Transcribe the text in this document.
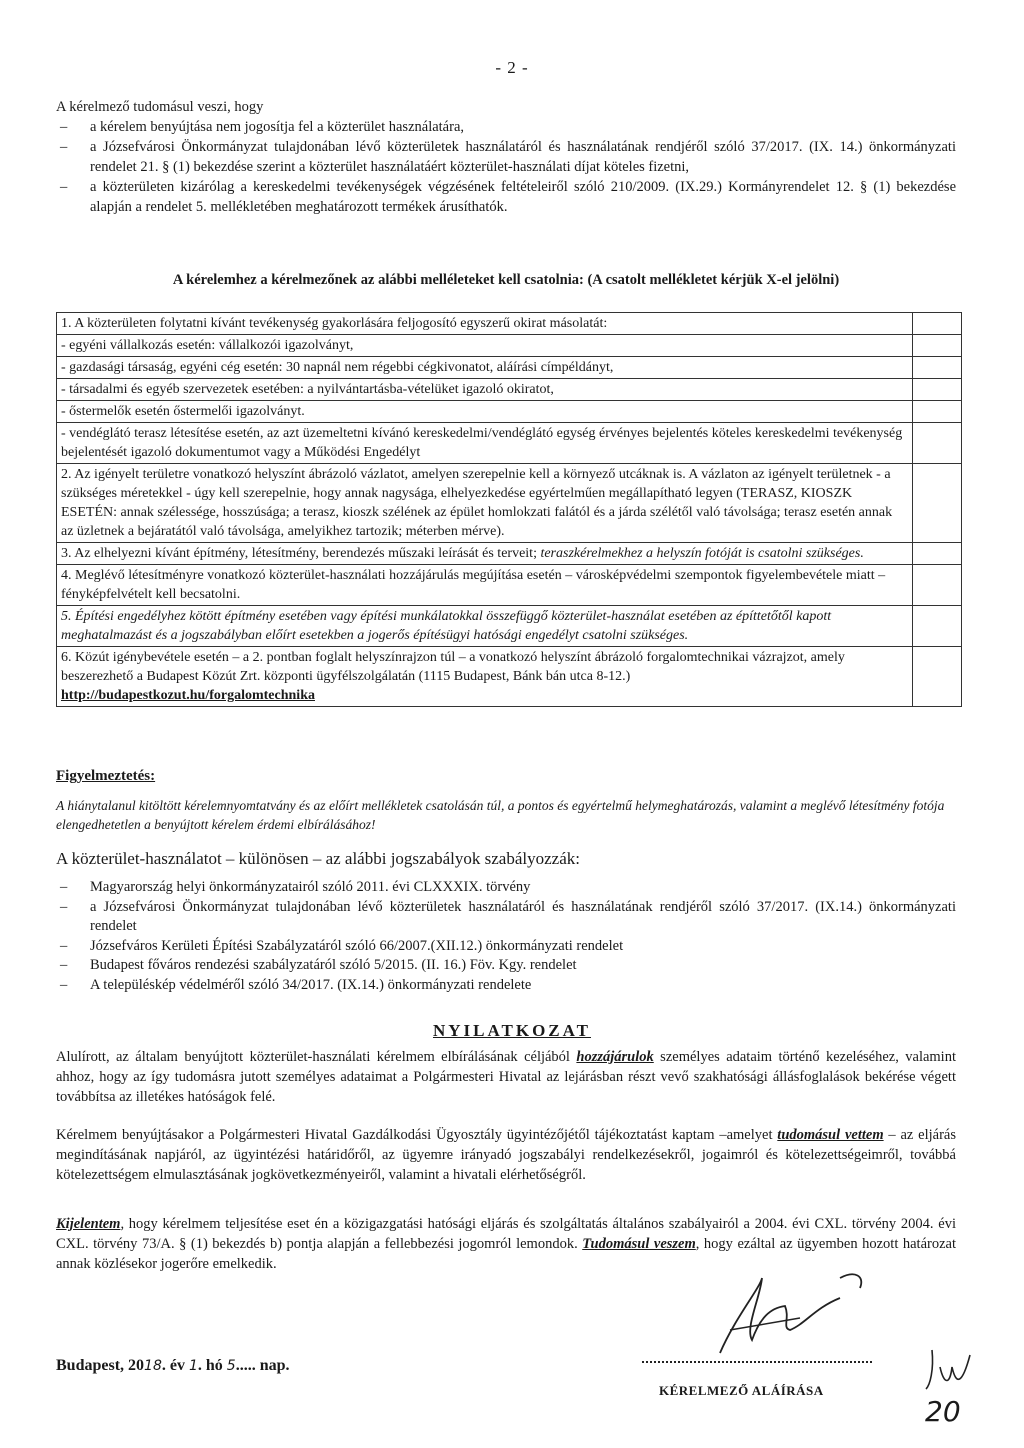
- 2 -
A kérelmező tudomásul veszi, hogy
– a kérelem benyújtása nem jogosítja fel a közterület használatára,
– a Józsefvárosi Önkormányzat tulajdonában lévő közterületek használatáról és használatának rendjéről szóló 37/2017. (IX. 14.) önkormányzati rendelet 21. § (1) bekezdése szerint a közterület használatáért közterület-használati díjat köteles fizetni,
– a közterületen kizárólag a kereskedelmi tevékenységek végzésének feltételeiről szóló 210/2009. (IX.29.) Kormányrendelet 12. § (1) bekezdése alapján a rendelet 5. mellékletében meghatározott termékek árusíthatók.
A kérelemhez a kérelmezőnek az alábbi melléleteket kell csatolnia: (A csatolt mellékletet kérjük X-el jelölni)
1. A közterületen folytatni kívánt tevékenység gyakorlására feljogosító egyszerű okirat másolatát:	
- egyéni vállalkozás esetén: vállalkozói igazolványt,	
- gazdasági társaság, egyéni cég esetén: 30 napnál nem régebbi cégkivonatot, aláírási címpéldányt,	
- társadalmi és egyéb szervezetek esetében: a nyilvántartásba-vételüket igazoló okiratot,	
- őstermelők esetén őstermelői igazolványt.	
- vendéglátó terasz létesítése esetén, az azt üzemeltetni kívánó kereskedelmi/vendéglátó egység érvényes bejelentés köteles kereskedelmi tevékenység bejelentését igazoló dokumentumot vagy a Működési Engedélyt	
2. Az igényelt területre vonatkozó helyszínt ábrázoló vázlatot, amelyen szerepelnie kell a környező utcáknak is. A vázlaton az igényelt területnek - a szükséges méretekkel - úgy kell szerepelnie, hogy annak nagysága, elhelyezkedése egyértelműen megállapítható legyen (TERASZ, KIOSZK ESETÉN: annak szélessége, hosszúsága; a terasz, kioszk szélének az épület homlokzati falától és a járda szélétől való távolsága; terasz esetén annak az üzletnek a bejáratától való távolsága, amelyikhez tartozik; méterben mérve).	
3. Az elhelyezni kívánt építmény, létesítmény, berendezés műszaki leírását és terveit; teraszkérelmekhez a helyszín fotóját is csatolni szükséges.	
4. Meglévő létesítményre vonatkozó közterület-használati hozzájárulás megújítása esetén – városképvédelmi szempontok figyelembevétele miatt – fényképfelvételt kell becsatolni.	
5. Építési engedélyhez kötött építmény esetében vagy építési munkálatokkal összefüggő közterület-használat esetében az építtetőtől kapott meghatalmazást és a jogszabályban előírt esetekben a jogerős építésügyi hatósági engedélyt csatolni szükséges.	
6. Közút igénybevétele esetén – a 2. pontban foglalt helyszínrajzon túl – a vonatkozó helyszínt ábrázoló forgalomtechnikai vázrajzot, amely beszerezhető a Budapest Közút Zrt. központi ügyfélszolgálatán (1115 Budapest, Bánk bán utca 8-12.)
http://budapestkozut.hu/forgalomtechnika	
Figyelmeztetés:
A hiánytalanul kitöltött kérelemnyomtatvány és az előírt mellékletek csatolásán túl, a pontos és egyértelmű helymeghatározás, valamint a meglévő létesítmény fotója elengedhetetlen a benyújtott kérelem érdemi elbírálásához!
A közterület-használatot – különösen – az alábbi jogszabályok szabályozzák:
– Magyarország helyi önkormányzatairól szóló 2011. évi CLXXXIX. törvény
– a Józsefvárosi Önkormányzat tulajdonában lévő közterületek használatáról és használatának rendjéről szóló 37/2017. (IX.14.) önkormányzati rendelet
– Józsefváros Kerületi Építési Szabályzatáról szóló 66/2007.(XII.12.) önkormányzati rendelet
– Budapest főváros rendezési szabályzatáról szóló 5/2015. (II. 16.) Föv. Kgy. rendelet
– A településkép védelméről szóló 34/2017. (IX.14.) önkormányzati rendelete
NYILATKOZAT
Alulírott, az általam benyújtott közterület-használati kérelmem elbírálásának céljából hozzájárulok személyes adataim történő kezeléséhez, valamint ahhoz, hogy az így tudomásra jutott személyes adataimat a Polgármesteri Hivatal az lejárásban részt vevő szakhatósági állásfoglalások bekérése végett továbbítsa az illetékes hatóságok felé.
Kérelmem benyújtásakor a Polgármesteri Hivatal Gazdálkodási Ügyosztály ügyintézőjétől tájékoztatást kaptam –amelyet tudomásul vettem – az eljárás megindításának napjáról, az ügyintézési határidőről, az ügyemre irányadó jogszabályi rendelkezésekről, jogaimról és kötelezettségeimről, továbbá kötelezettségem elmulasztásának jogkövetkezményeiről, valamint a hivatali elérhetőségről.
Kijelentem, hogy kérelmem teljesítése eset én a közigazgatási hatósági eljárás és szolgáltatás általános szabályairól a 2004. évi CXL. törvény 2004. évi CXL. törvény 73/A. § (1) bekezdés b) pontja alapján a fellebbezési jogomról lemondok. Tudomásul veszem, hogy ezáltal az ügyemben hozott határozat annak közlésekor jogerőre emelkedik.
Budapest, 2018. év 1. hó 5..... nap.
KÉRELMEZŐ ALÁÍRÁSA
20
